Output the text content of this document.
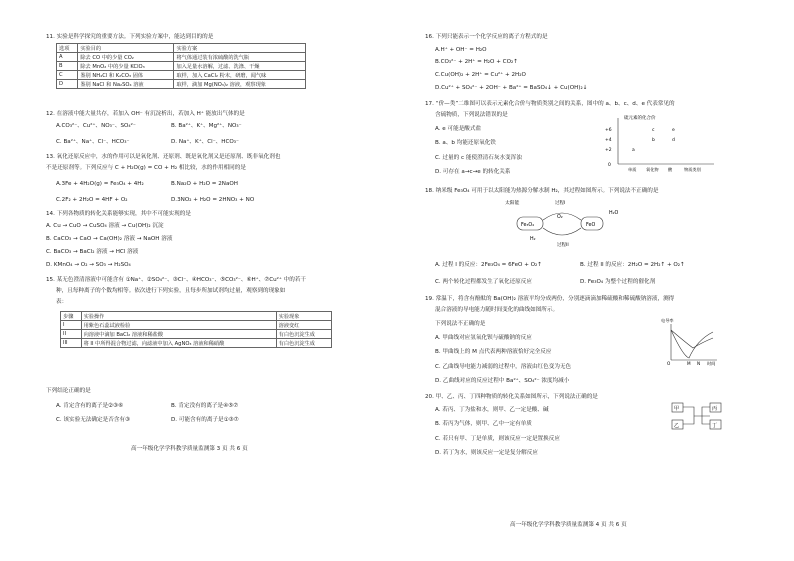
11. 实验是科学探究的重要方法。下列实验方案中，能达到目的的是
选项	实验目的	实验方案
A	除去 CO 中的少量 CO₂	将气体通过装有浓硫酸的洗气瓶
B	除去 MnO₂ 中的少量 KClO₃	加入足量水溶解，过滤、洗涤、干燥
C	鉴别 NH₄Cl 和 K₂CO₃ 固体	取样，加入 CaCl₂ 粉末，研磨，闻气味
D	鉴别 NaCl 和 Na₂SO₄ 溶液	取样，滴加 Mg(NO₃)₂ 溶液，观察现象
12. 在溶液中能大量共存，若加入 OH⁻ 有沉淀析出，若加入 H⁺ 能放出气体的是
A.CO₃²⁻、Cu²⁺、NO₃⁻、SO₄²⁻	B. Ba²⁺、K⁺、Mg²⁺、NO₃⁻
C. Ba²⁺、Na⁺、Cl⁻、HCO₃⁻	D. Na⁺、K⁺、Cl⁻、HCO₃⁻
13. 氧化还原反应中，水的作用可以是氧化剂、还原剂、既是氧化剂又是还原剂、既非氧化剂也
不是还原剂等。下列反应与 C + H₂O(g) = CO + H₂ 相比较，水的作用相同的是
A.3Fe + 4H₂O(g) = Fe₃O₄ + 4H₂	B.Na₂O + H₂O = 2NaOH
C.2F₂ + 2H₂O = 4HF + O₂	D.3NO₂ + H₂O = 2HNO₃ + NO
14. 下列各物质的转化关系能够实现，其中不可能实现的是
A. Cu → CuO → CuSO₄ 溶液 → Cu(OH)₂ 沉淀
B. CaCO₃ → CaO → Ca(OH)₂ 溶液 → NaOH 溶液
C. BaCO₃ → BaCl₂ 溶液 → HCl 溶液
D. KMnO₄ → O₂ → SO₃ → H₂SO₄
15. 某无色澄清溶液中可能含有 ①Na⁺、②SO₄²⁻、③Cl⁻、④HCO₃⁻、⑤CO₃²⁻、⑥H⁺、⑦Cu²⁺ 中的若干
种，且每种离子的个数均相等。依次进行下列实验，且每步所加试剂均过量，观察到的现象如
表：
步骤	实验操作	实验现象
I	用紫色石蕊试液检验	溶液变红
II	向溶液中滴加 BaCl₂ 溶液和稀盐酸	有白色沉淀生成
III	将 II 中所得混合物过滤，向滤液中加入 AgNO₃ 溶液和稀硝酸	有白色沉淀生成
下列结论正确的是
A. 肯定含有的离子是②③⑥	B. 肯定没有的离子是④⑤⑦
C. 该实验无法确定是否含有③	D. 可能含有的离子是①③⑦
高一年级化学学科教学质量监测第 3 页 共 6 页
16. 下列只能表示一个化学反应的离子方程式的是
A.H⁺ + OH⁻ = H₂O
B.CO₃²⁻ + 2H⁺ = H₂O + CO₂↑
C.Cu(OH)₂ + 2H⁺ = Cu²⁺ + 2H₂O
D.Cu²⁺ + SO₄²⁻ + 2OH⁻ + Ba²⁺ = BaSO₄↓ + Cu(OH)₂↓
17. “价—类”二维图可以表示元素化合价与物质类别之间的关系，图中的 a、b、c、d、e 代表常见的
含硫物质，下列说法错误的是
A. e 可能是酸式盐
B. a、b 均能还原氧化铁
C. 过量的 c 能使澄清石灰水变浑浊
D. 可存在 a→c→e 的转化关系
硫元素的化合价
+6
+4
+2
0
单质 氧化物 酸	物质类别
a
b
c
d
e
18. 纳米级 Fe₃O₄ 可用于以太阳能为热源分解水制 H₂，其过程如图所示。下列说法不正确的是
太阳能
Fe₃O₄	FeO
过程I
O₂
H₂O
H₂
过程II
A. 过程 I 的反应：2Fe₃O₄ = 6FeO + O₂↑	B. 过程 II 的反应：2H₂O = 2H₂↑ + O₂↑
C. 两个转化过程都发生了氧化还原反应	D. Fe₃O₄ 为整个过程的催化剂
19. 常温下，将含有酚酞的 Ba(OH)₂ 溶液平均分成两份，分别逐滴滴加稀硫酸和稀硫酸钠溶液，测得
混合溶液的导电能力随时间变化的曲线如图所示。
下列说法不正确的是
A. 甲曲线对应氢氧化钡与硫酸钠的反应
B. 甲曲线上的 M 点代表两种溶液恰好完全反应
C. 乙曲线导电能力减弱的过程中，溶液由红色变为无色
D. 乙曲线对应的反应过程中 Ba²⁺、SO₄²⁻ 浓度均减小
电导率
M N
O	时间
20. 甲、乙、丙、丁四种物质的转化关系如图所示，下列说法正确的是
A. 若丙、丁为盐和水，则甲、乙一定是酸、碱
B. 若丙为气体，则甲、乙中一定有单质
C. 若只有甲、丁是单质，则该反应一定是置换反应
D. 若丁为水，则该反应一定是复分解反应
甲
乙
丙
丁
高一年级化学学科教学质量监测第 4 页 共 6 页
